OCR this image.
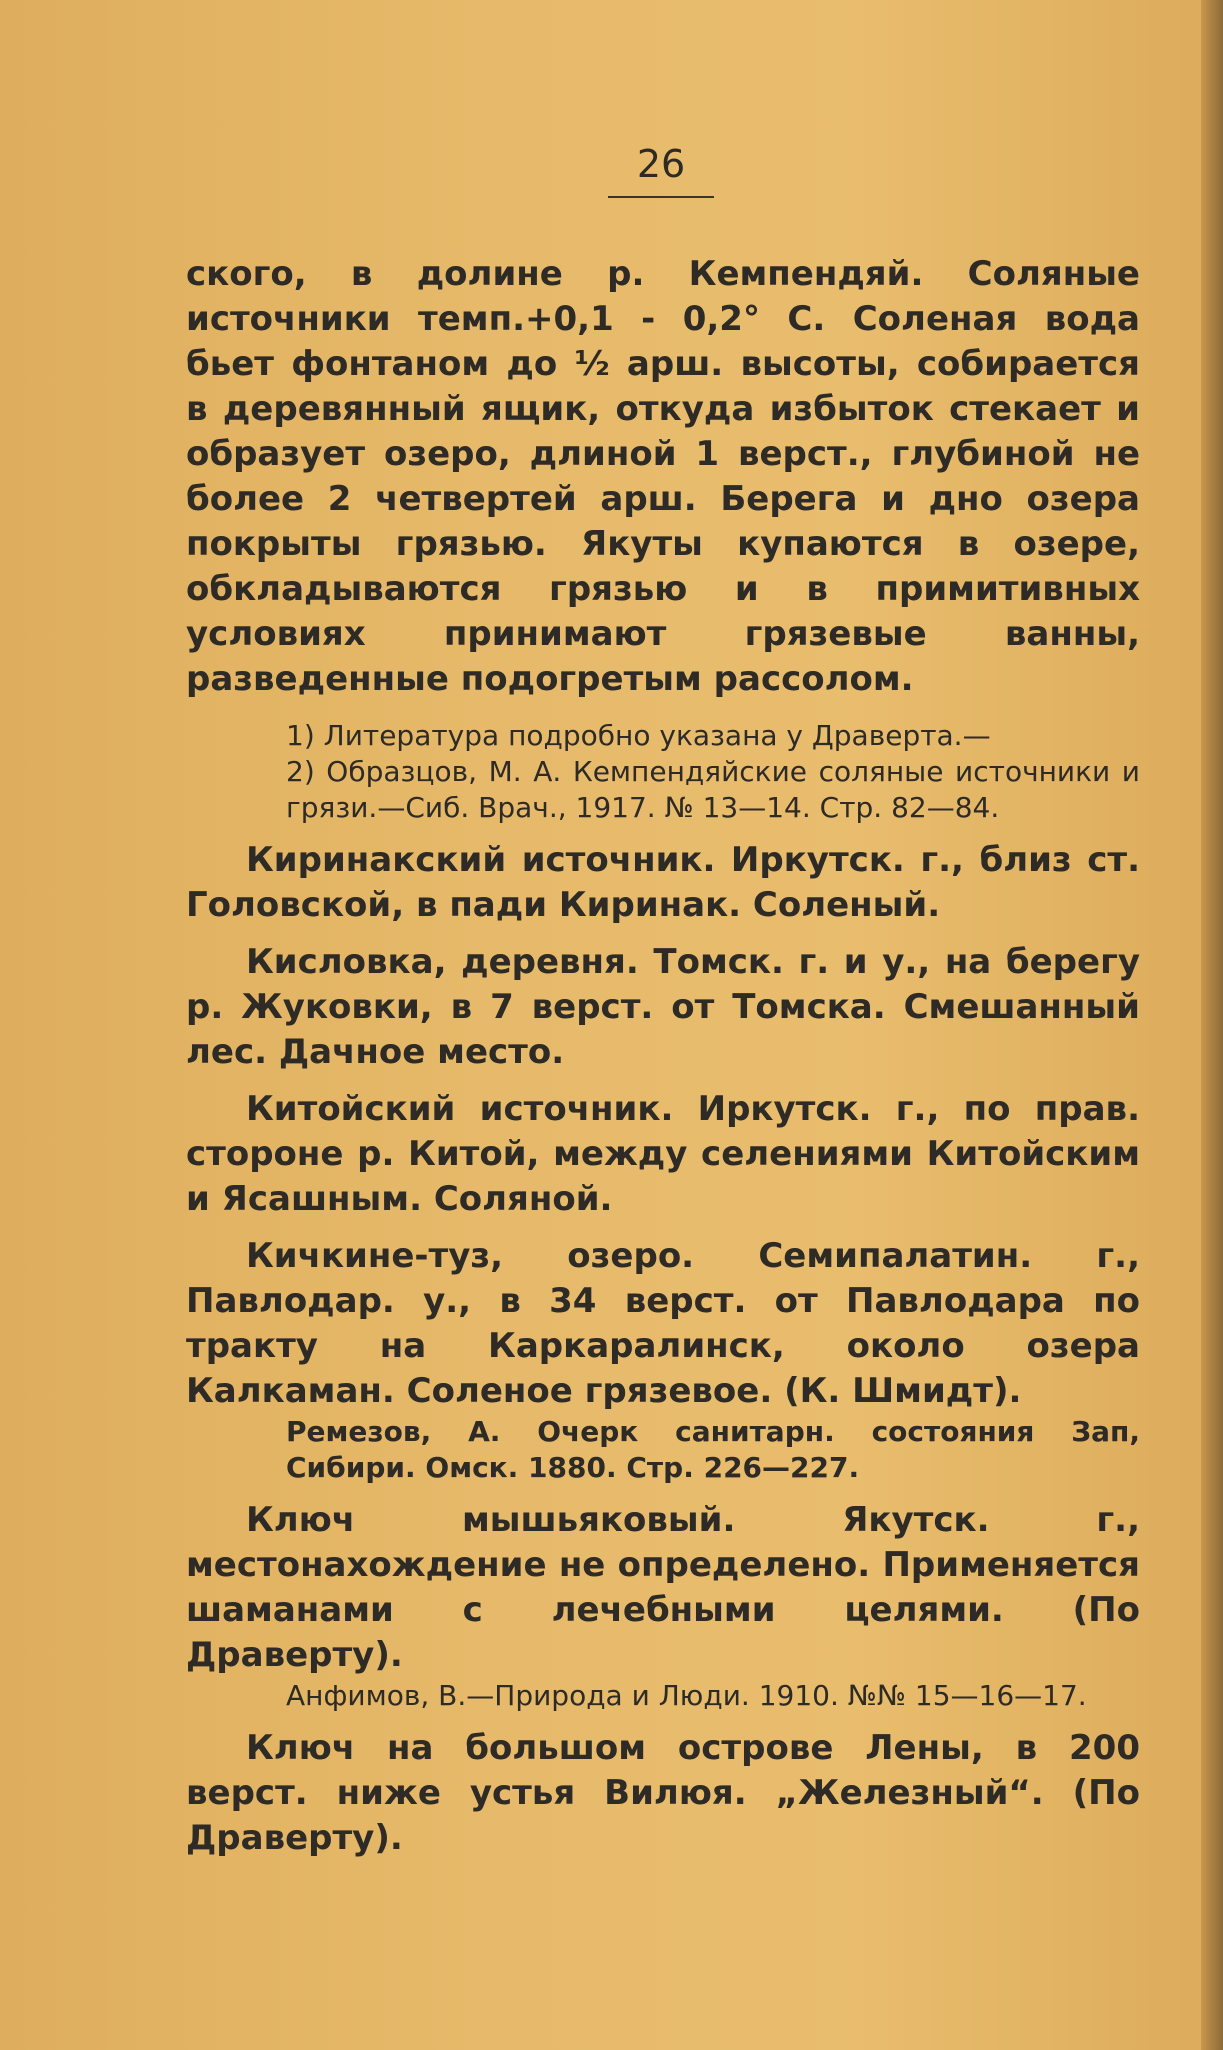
26

ского, в долине р. Кемпендяй. Соляные источники темп.+0,1 - 0,2° С. Соленая вода бьет фонтаном до ½ арш. высоты, собирается в деревянный ящик, откуда избыток стекает и образует озеро, длиной 1 верст., глубиной не более 2 четвертей арш. Берега и дно озера покрыты грязью. Якуты купаются в озере, обкладываются грязью и в примитивных условиях принимают грязевые ванны, разведенные подогретым рассолом.

1) Литература подробно указана у Драверта.—

2) Образцов, М. А. Кемпендяйские соляные источники и грязи.—Сиб. Врач., 1917. № 13—14. Стр. 82—84.

Киринакский источник. Иркутск. г., близ ст. Головской, в пади Киринак. Соленый.

Кисловка, деревня. Томск. г. и у., на берегу р. Жуковки, в 7 верст. от Томска. Смешанный лес. Дачное место.

Китойский источник. Иркутск. г., по прав. стороне р. Китой, между селениями Китойским и Ясашным. Соляной.

Кичкине-туз, озеро. Семипалатин. г., Павлодар. у., в 34 верст. от Павлодара по тракту на Каркаралинск, около озера Калкаман. Соленое грязевое. (К. Шмидт).

Ремезов, А. Очерк санитарн. состояния Зап, Сибири. Омск. 1880. Стр. 226—227.

Ключ мышьяковый. Якутск. г., местонахождение не определено. Применяется шаманами с лечебными целями. (По Драверту).

Анфимов, В.—Природа и Люди. 1910. №№ 15—16—17.

Ключ на большом острове Лены, в 200 верст. ниже устья Вилюя. „Железный“. (По Драверту).
